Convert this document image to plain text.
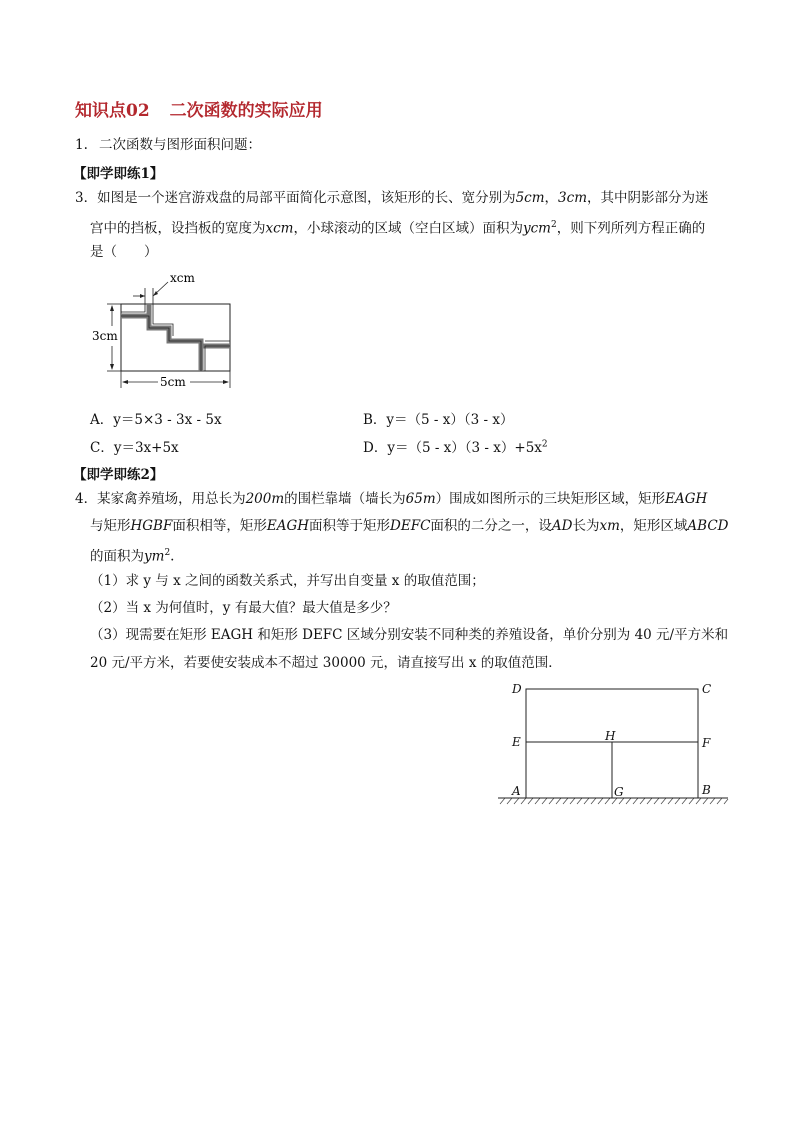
知识点02 二次函数的实际应用
1. 二次函数与图形面积问题：
【即学即练1】
3．如图是一个迷宫游戏盘的局部平面简化示意图，该矩形的长、宽分别为5cm，3cm，其中阴影部分为迷
宫中的挡板，设挡板的宽度为xcm，小球滚动的区域（空白区域）面积为ycm$^2$，则下列所列方程正确的
是（　　）
xcm
3cm
5cm
A．y＝5×3 - 3x - 5x	B．y＝（5 - x）（3 - x）
C．y＝3x+5x	D．$y=(5 - x)(3 - x)+5x^2$
【即学即练2】
4．某家禽养殖场，用总长为200m的围栏靠墙（墙长为65m）围成如图所示的三块矩形区域，矩形EAGH
与矩形HGBF面积相等，矩形EAGH面积等于矩形DEFC面积的二分之一，设AD长为xm，矩形区域ABCD
的面积为$ym^2$.
（1）求 y 与 x 之间的函数关系式，并写出自变量 x 的取值范围；
（2）当 x 为何值时，y 有最大值？最大值是多少？
（3）现需要在矩形 EAGH 和矩形 DEFC 区域分别安装不同种类的养殖设备，单价分别为 40 元/平方米和
20 元/平方米，若要使安装成本不超过 30000 元，请直接写出 x 的取值范围．
D	C
E	F
H
A	G	B
